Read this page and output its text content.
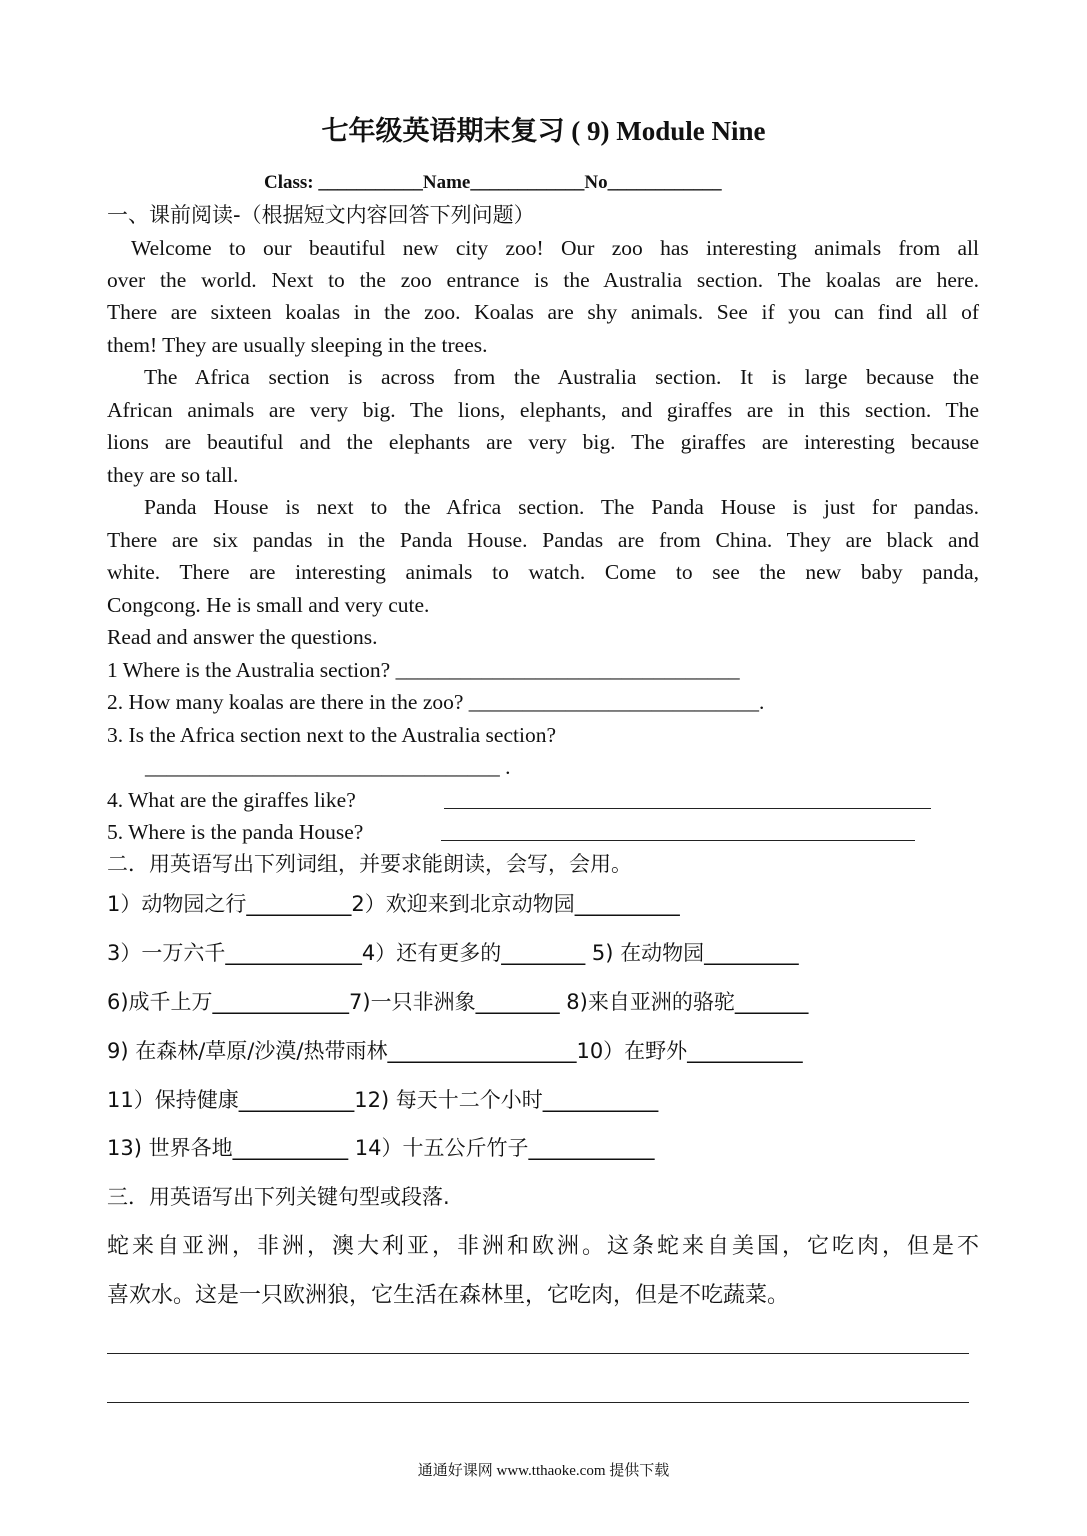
七年级英语期末复习 ( 9) Module Nine
Class: ___________Name____________No____________
一、课前阅读-（根据短文内容回答下列问题）
Welcome to our beautiful new city zoo! Our zoo has interesting animals from all
over the world. Next to the zoo entrance is the Australia section. The koalas are here.
There are sixteen koalas in the zoo. Koalas are shy animals. See if you can find all of
them! They are usually sleeping in the trees.
The Africa section is across from the Australia section. It is large because the
African animals are very big. The lions, elephants, and giraffes are in this section. The
lions are beautiful and the elephants are very big. The giraffes are interesting because
they are so tall.
Panda House is next to the Africa section. The Panda House is just for pandas.
There are six pandas in the Panda House. Pandas are from China. They are black and
white. There are interesting animals to watch. Come to see the new baby panda,
Congcong. He is small and very cute.
Read and answer the questions.
1 Where is the Australia section? ________________________________
2. How many koalas are there in the zoo? ___________________________.
3. Is the Africa section next to the Australia section?
_________________________________ .
4. What are the giraffes like?
5. Where is the panda House?
二．用英语写出下列词组，并要求能朗读，会写，会用。
1）动物园之行__________2）欢迎来到北京动物园__________
3）一万六千_____________4）还有更多的________ 5) 在动物园_________
6)成千上万_____________7)一只非洲象________ 8)来自亚洲的骆驼_______
9) 在森林/草原/沙漠/热带雨林__________________10）在野外___________
11）保持健康___________12) 每天十二个小时___________
13) 世界各地___________ 14）十五公斤竹子____________
三．用英语写出下列关键句型或段落.
蛇来自亚洲，非洲，澳大利亚，非洲和欧洲。这条蛇来自美国，它吃肉，但是不
喜欢水。这是一只欧洲狼，它生活在森林里，它吃肉，但是不吃蔬菜。
通通好课网 www.tthaoke.com 提供下载
